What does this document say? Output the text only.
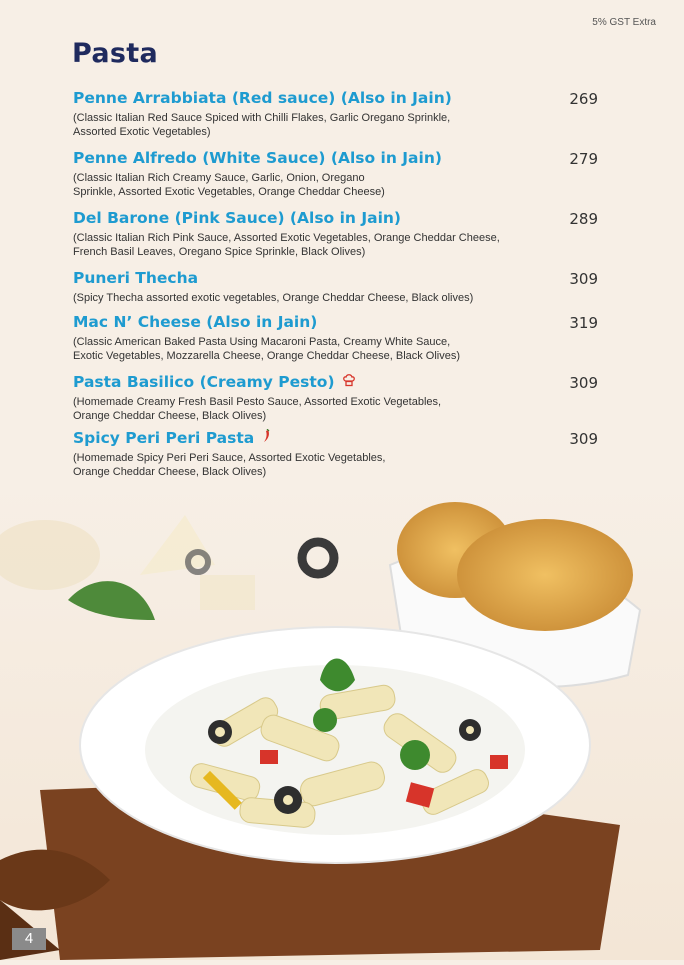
5% GST Extra
Pasta
Penne Arrabbiata (Red sauce) (Also in Jain)	269

(Classic Italian Red Sauce Spiced with Chilli Flakes, Garlic Oregano Sprinkle,
Assorted Exotic Vegetables)

Penne Alfredo (White Sauce) (Also in Jain)	279

(Classic Italian Rich Creamy Sauce, Garlic, Onion, Oregano
Sprinkle, Assorted Exotic Vegetables, Orange Cheddar Cheese)

Del Barone (Pink Sauce) (Also in Jain)	289

(Classic Italian Rich Pink Sauce, Assorted Exotic Vegetables, Orange Cheddar Cheese,
French Basil Leaves, Oregano Spice Sprinkle, Black Olives)

Puneri Thecha	309

(Spicy Thecha assorted exotic vegetables, Orange Cheddar Cheese, Black olives)

Mac N’ Cheese (Also in Jain)	319

(Classic American Baked Pasta Using Macaroni Pasta, Creamy White Sauce,
Exotic Vegetables, Mozzarella Cheese, Orange Cheddar Cheese, Black Olives)

Pasta Basilico (Creamy Pesto)	309

(Homemade Creamy Fresh Basil Pesto Sauce, Assorted Exotic Vegetables,
Orange Cheddar Cheese, Black Olives)

Spicy Peri Peri Pasta	309

(Homemade Spicy Peri Peri Sauce, Assorted Exotic Vegetables,
Orange Cheddar Cheese, Black Olives)

4
